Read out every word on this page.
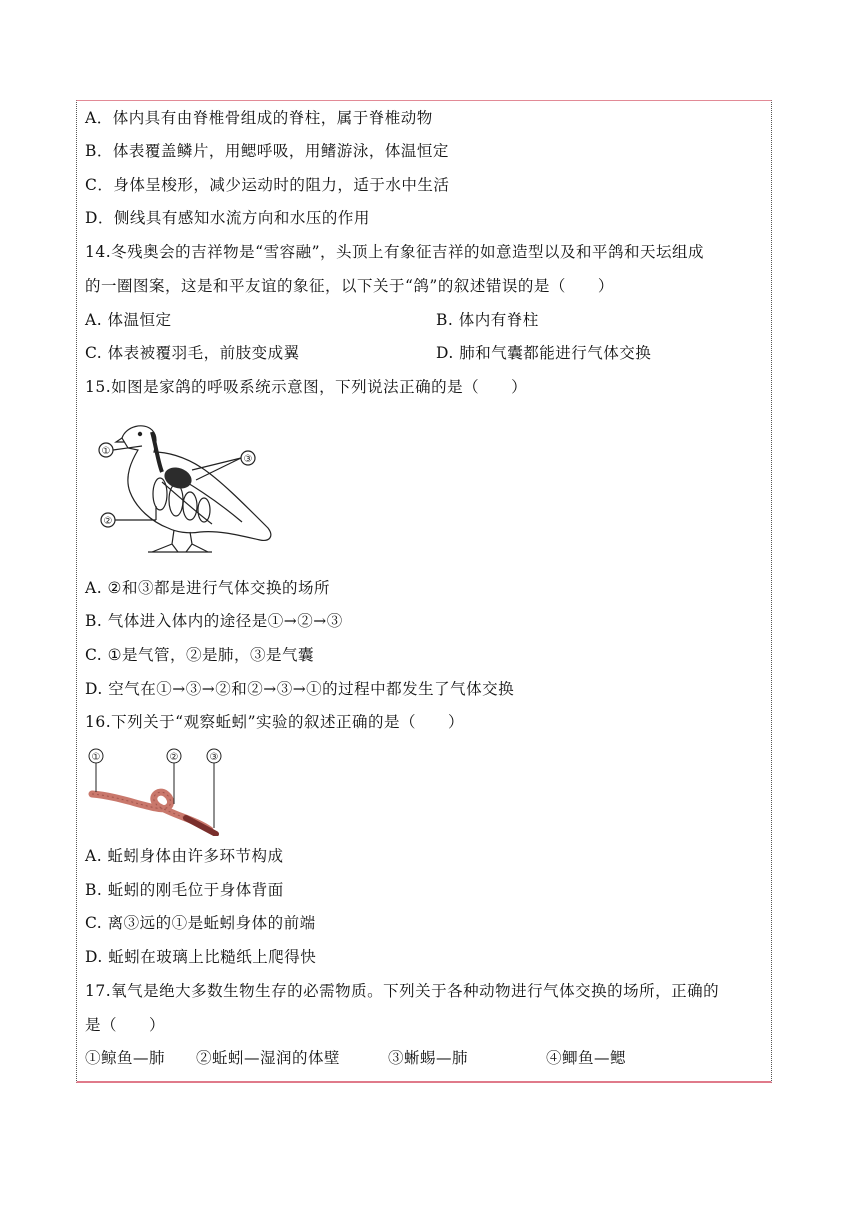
A．体内具有由脊椎骨组成的脊柱，属于脊椎动物
B．体表覆盖鳞片，用鳃呼吸，用鳍游泳，体温恒定
C．身体呈梭形，减少运动时的阻力，适于水中生活
D．侧线具有感知水流方向和水压的作用
14.冬残奥会的吉祥物是“雪容融”，头顶上有象征吉祥的如意造型以及和平鸽和天坛组成
的一圈图案，这是和平友谊的象征，以下关于“鸽”的叙述错误的是（　　）
A. 体温恒定	B. 体内有脊柱
C. 体表被覆羽毛，前肢变成翼	D. 肺和气囊都能进行气体交换
15.如图是家鸽的呼吸系统示意图，下列说法正确的是（　　）
①
②
③
A. ②和③都是进行气体交换的场所
B. 气体进入体内的途径是①→②→③
C. ①是气管，②是肺，③是气囊
D. 空气在①→③→②和②→③→①的过程中都发生了气体交换
16.下列关于“观察蚯蚓”实验的叙述正确的是（　　）
①	②	③
A. 蚯蚓身体由许多环节构成
B. 蚯蚓的刚毛位于身体背面
C. 离③远的①是蚯蚓身体的前端
D. 蚯蚓在玻璃上比糙纸上爬得快
17.氧气是绝大多数生物生存的必需物质。下列关于各种动物进行气体交换的场所，正确的
是（　　）
①鲸鱼—肺 ②蚯蚓—湿润的体壁	③蜥蜴—肺	④鲫鱼—鳃
